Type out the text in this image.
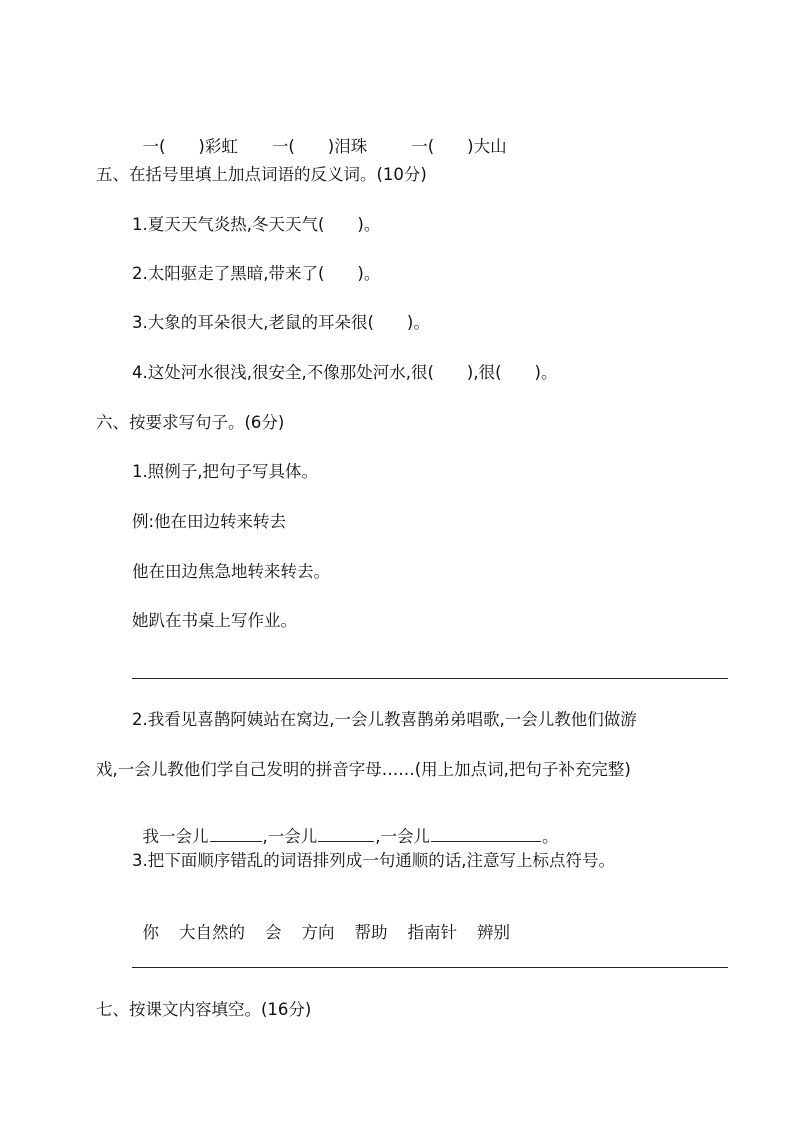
一(　　)彩虹 一(　　)泪珠	一(　　)大山

五、在括号里填上加点词语的反义词。(10分)
1.夏天天气炎热,冬天天气(　　)。
2.太阳驱走了黑暗,带来了(　　)。
3.大象的耳朵很大,老鼠的耳朵很(　　)。
4.这处河水很浅,很安全,不像那处河水,很(　　),很(　　)。
六、按要求写句子。(6分)
1.照例子,把句子写具体。
例:他在田边转来转去
他在田边焦急地转来转去。
她趴在书桌上写作业。
2.我看见喜鹊阿姨站在窝边,一会儿教喜鹊弟弟唱歌,一会儿教他们做游
戏,一会儿教他们学自己发明的拼音字母……(用上加点词,把句子补充完整)

我一会儿	,一会儿	,一会儿	。

3.把下面顺序错乱的词语排列成一句通顺的话,注意写上标点符号。

你 大自然的 会 方向 帮助 指南针 辨别

七、按课文内容填空。(16分)
